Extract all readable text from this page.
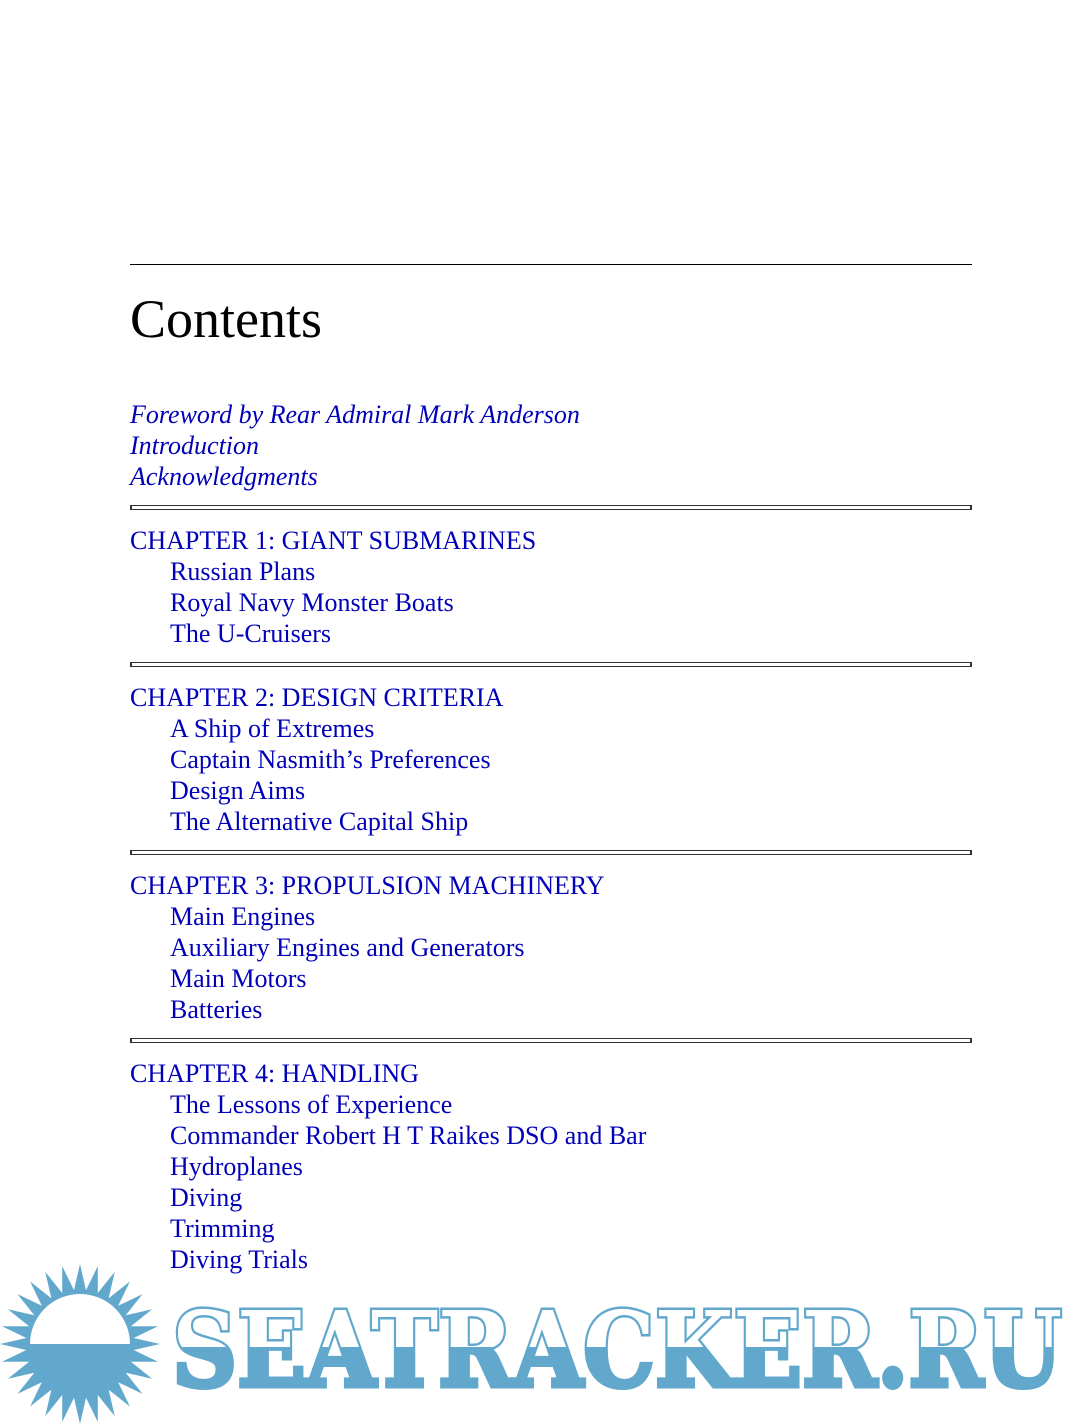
Contents
Foreword by Rear Admiral Mark Anderson
Introduction
Acknowledgments
CHAPTER 1: GIANT SUBMARINES
Russian Plans
Royal Navy Monster Boats
The U-Cruisers
CHAPTER 2: DESIGN CRITERIA
A Ship of Extremes
Captain Nasmith’s Preferences
Design Aims
The Alternative Capital Ship
CHAPTER 3: PROPULSION MACHINERY
Main Engines
Auxiliary Engines and Generators
Main Motors
Batteries
CHAPTER 4: HANDLING
The Lessons of Experience
Commander Robert H T Raikes DSO and Bar
Hydroplanes
Diving
Trimming
Diving Trials
SEATRACKER.RU
